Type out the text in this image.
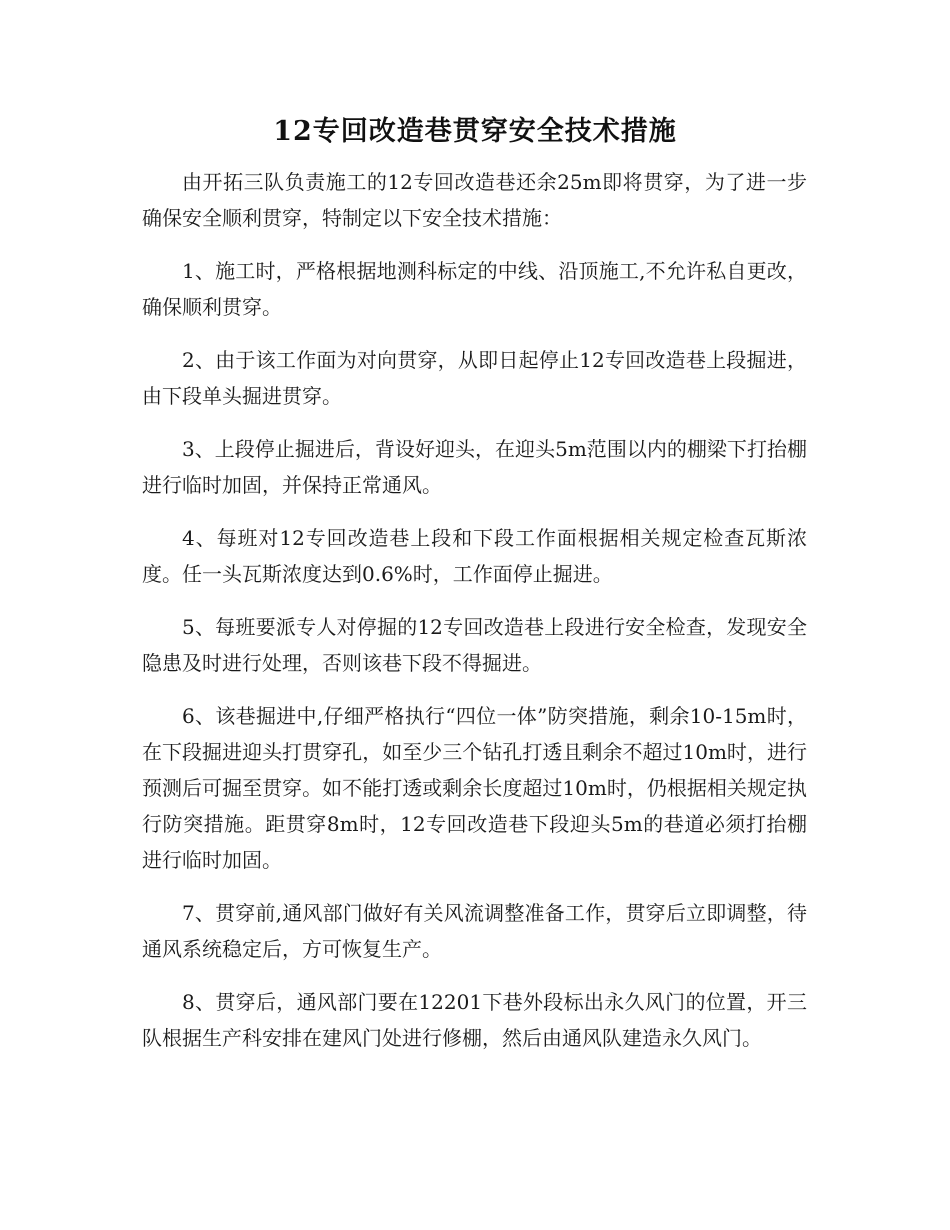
12专回改造巷贯穿安全技术措施

由开拓三队负责施工的12专回改造巷还余25m即将贯穿，为了进一步确保安全顺利贯穿，特制定以下安全技术措施：

1、施工时，严格根据地测科标定的中线、沿顶施工,不允许私自更改，确保顺利贯穿。

2、由于该工作面为对向贯穿，从即日起停止12专回改造巷上段掘进，由下段单头掘进贯穿。

3、上段停止掘进后，背设好迎头，在迎头5m范围以内的棚梁下打抬棚进行临时加固，并保持正常通风。

4、每班对12专回改造巷上段和下段工作面根据相关规定检查瓦斯浓度。任一头瓦斯浓度达到0.6%时，工作面停止掘进。

5、每班要派专人对停掘的12专回改造巷上段进行安全检查，发现安全隐患及时进行处理，否则该巷下段不得掘进。

6、该巷掘进中,仔细严格执行“四位一体”防突措施，剩余10-15m时，在下段掘进迎头打贯穿孔，如至少三个钻孔打透且剩余不超过10m时，进行预测后可掘至贯穿。如不能打透或剩余长度超过10m时，仍根据相关规定执行防突措施。距贯穿8m时，12专回改造巷下段迎头5m的巷道必须打抬棚进行临时加固。

7、贯穿前,通风部门做好有关风流调整准备工作，贯穿后立即调整，待通风系统稳定后，方可恢复生产。

8、贯穿后，通风部门要在12201下巷外段标出永久风门的位置，开三队根据生产科安排在建风门处进行修棚，然后由通风队建造永久风门。
